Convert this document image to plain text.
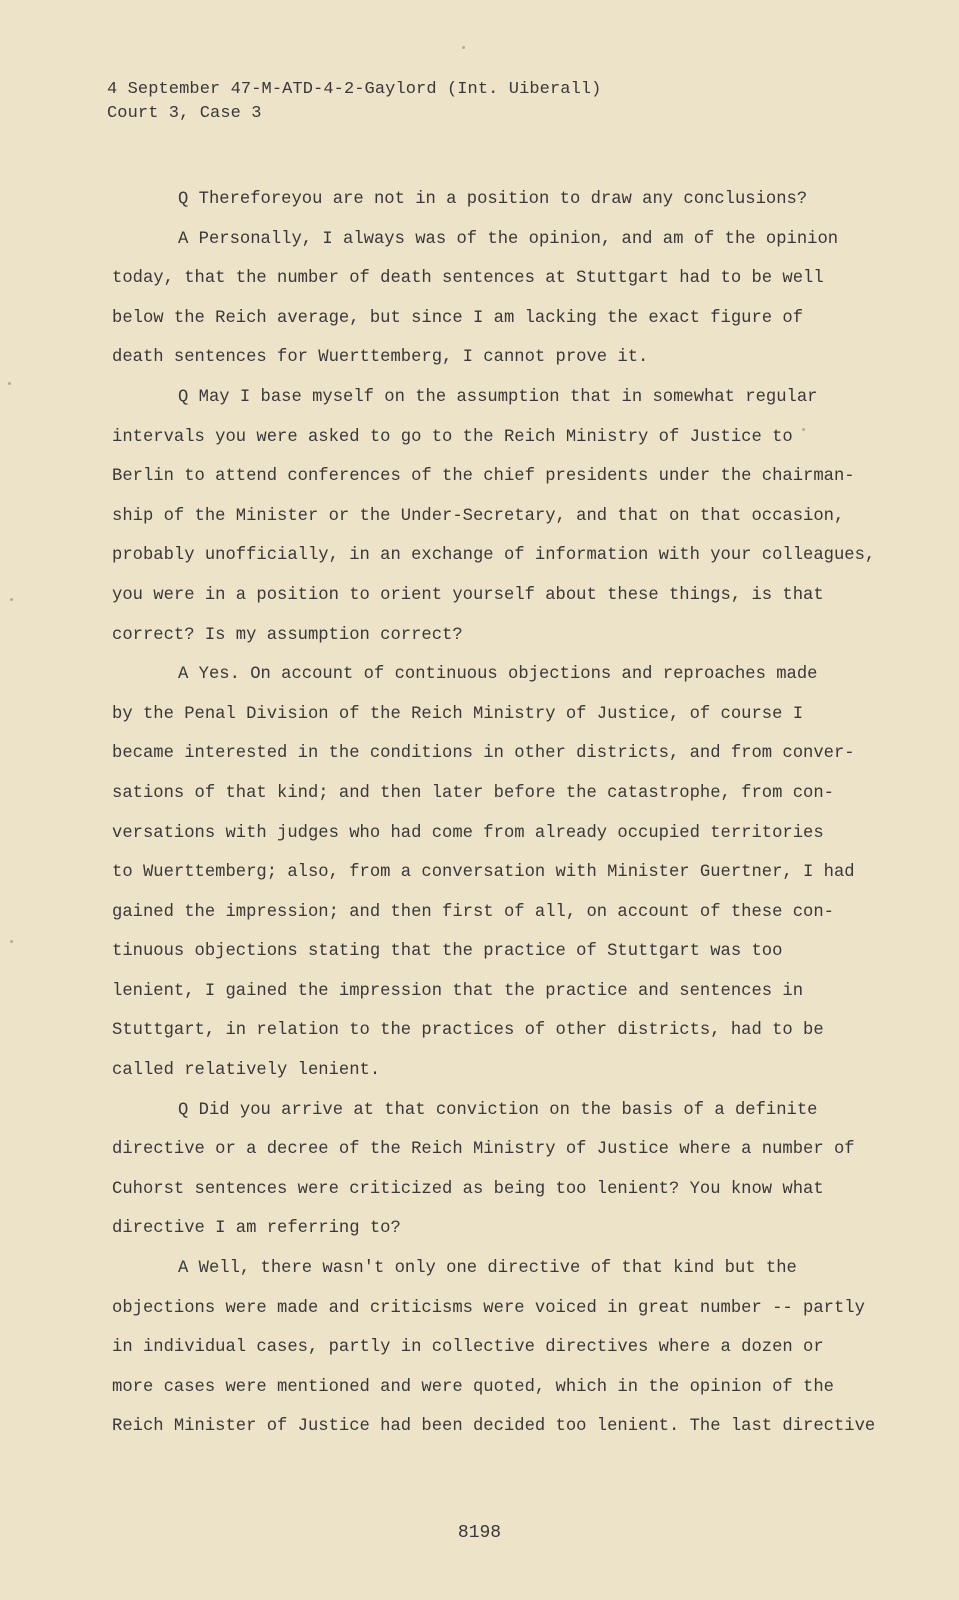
4 September 47-M-ATD-4-2-Gaylord (Int. Uiberall)
Court 3, Case 3
Q Thereforeyou are not in a position to draw any conclusions?
A Personally, I always was of the opinion, and am of the opinion
today, that the number of death sentences at Stuttgart had to be well
below the Reich average, but since I am lacking the exact figure of
death sentences for Wuerttemberg, I cannot prove it.
Q May I base myself on the assumption that in somewhat regular
intervals you were asked to go to the Reich Ministry of Justice to
Berlin to attend conferences of the chief presidents under the chairman-
ship of the Minister or the Under-Secretary, and that on that occasion,
probably unofficially, in an exchange of information with your colleagues,
you were in a position to orient yourself about these things, is that
correct? Is my assumption correct?
A Yes. On account of continuous objections and reproaches made
by the Penal Division of the Reich Ministry of Justice, of course I
became interested in the conditions in other districts, and from conver-
sations of that kind; and then later before the catastrophe, from con-
versations with judges who had come from already occupied territories
to Wuerttemberg; also, from a conversation with Minister Guertner, I had
gained the impression; and then first of all, on account of these con-
tinuous objections stating that the practice of Stuttgart was too
lenient, I gained the impression that the practice and sentences in
Stuttgart, in relation to the practices of other districts, had to be
called relatively lenient.
Q Did you arrive at that conviction on the basis of a definite
directive or a decree of the Reich Ministry of Justice where a number of
Cuhorst sentences were criticized as being too lenient? You know what
directive I am referring to?
A Well, there wasn't only one directive of that kind but the
objections were made and criticisms were voiced in great number -- partly
in individual cases, partly in collective directives where a dozen or
more cases were mentioned and were quoted, which in the opinion of the
Reich Minister of Justice had been decided too lenient. The last directive
8198
